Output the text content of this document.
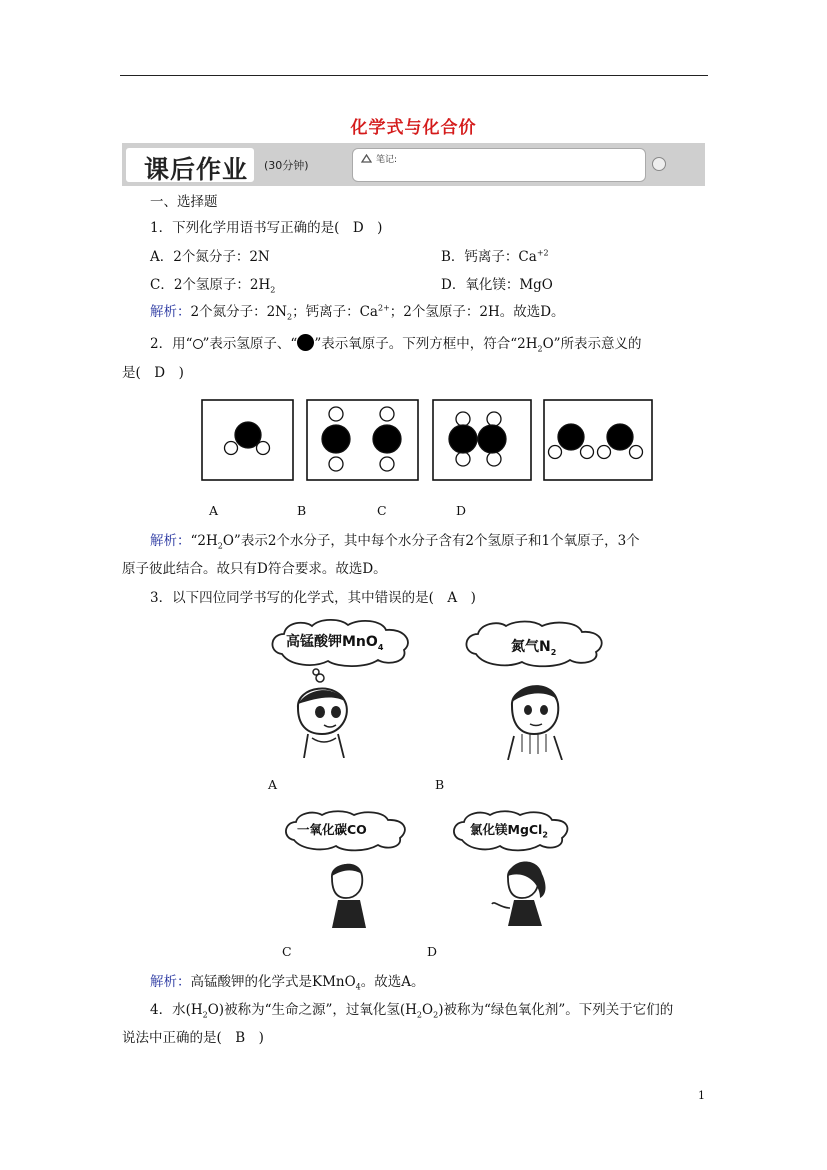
化学式与化合价
课后作业 (30分钟)	笔记:
一、选择题
1．下列化学用语书写正确的是(　D　)
A．2个氮分子：2N	B．钙离子：$Ca^{+2}$
C．2个氢原子：$2H_2$	D．氧化镁：MgO
解析：2个氮分子：$2N_2$；钙离子：$Ca^{2+}$；2个氢原子：2H。故选D。
2．用“ ”表示氢原子、“ ”表示氧原子。下列方框中，符合“$2H_2O$”所表示意义的
是(　D　)
A	B	C	D
解析：“$2H_2O$”表示2个水分子，其中每个水分子含有2个氢原子和1个氧原子，3个
原子彼此结合。故只有D符合要求。故选D。
3．以下四位同学书写的化学式，其中错误的是(　A　)
高锰酸钾MnO$_4$	氮气$N_2$
A	B
一氧化碳CO	氯化镁MgCl$_2$
C	D
解析：高锰酸钾的化学式是KMnO$_4$。故选A。
4．水$(H_2O)$被称为“生命之源”，过氧化氢$(H_2O_2)$被称为“绿色氧化剂”。下列关于它们的
说法中正确的是(　B　)
1
